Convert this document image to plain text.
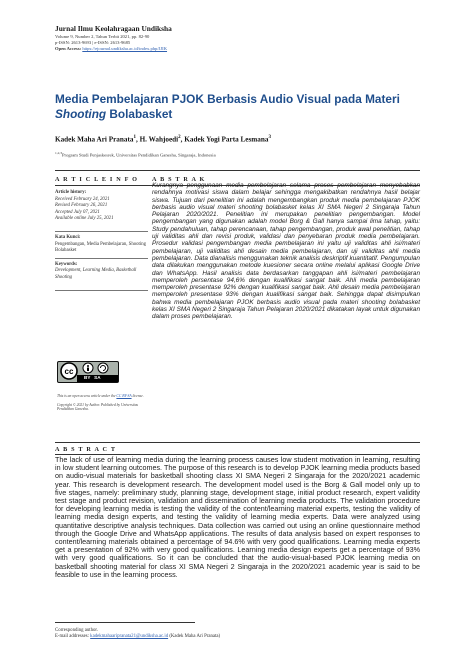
Jurnal Ilmu Keolahragaan Undiksha
Volume 9, Number 2, Tahun Terbit 2021, pp. 82-90
p-ISSN: 2613-9693 | e-ISSN: 2613-9685
Open Access: https://ejournal.undiksha.ac.id/index.php/JJIK
Media Pembelajaran PJOK Berbasis Audio Visual pada Materi
Shooting Bolabasket
Kadek Maha Ari Pranata$^1$, H. Wahjoedi$^2$, Kadek Yogi Parta Lesmana$^3$
$^{1,2,3}$Program Studi Penjaskesrek, Universitas Pendidikan Ganesha, Singaraja, Indonesia
A R T I C L E I N F O A B S T R A K
Article history:
Received February 24, 2021
Revised February 26, 2021
Accepted July 07, 2021
Available online July 25, 2021
Kata Kunci:
Pengembangan, Media Pembelajaran, Shooting Bolabasket
Keywords:
Development, Learning Media, Basketball Shooting
cc
BY   SA
This is an open access article under the CC BY-SA license.
Copyright © 2021 by Author. Published by Universitas Pendidikan Ganesha.
Kurangnya penggunaan media pembelajaran selama proses pembelajaran menyebabkan rendahnya motivasi siswa dalam belajar sehingga mengakibatkan rendahnya hasil belajar siswa. Tujuan dari penelitian ini adalah mengembangkan produk media pembelajaran PJOK berbasis audio visual materi shooting bolabasket kelas XI SMA Negeri 2 Singaraja Tahun Pelajaran 2020/2021. Penelitian ini merupakan penelitian pengembangan. Model pengembangan yang digunakan adalah model Borg & Gall hanya sampai lima tahap, yaitu: Study pendahuluan, tahap perencanaan, tahap pengembangan, produk awal penelitian, tahap uji validitas ahli dan revisi produk, validasi dan penyebaran produk media pembelajaran. Prosedur validasi pengembangan media pembelajaran ini yaitu uji validitas ahli isi/materi pembelajaran, uji validitas ahli desain media pembelajaran, dan uji validitas ahli media pembelajaran. Data dianalisis menggunakan teknik analisis deskriptif kuantitatif. Pengumpulan data dilakukan menggunakan metode kuesioner secara online melalui aplikasi Google Drive dan WhatsApp. Hasil analisis data berdasarkan tanggapan ahli isi/materi pembelajaran memperoleh persentase 94,6% dengan kualifikasi sangat baik. Ahli media pembelajaran memperoleh presentase 92% dengan kualifikasi sangat baik. Ahli desain media pembelajaran memperoleh presentase 93% dengan kualifikasi sangat baik. Sehingga dapat disimpulkan bahwa media pembelajaran PJOK berbasis audio visual pada materi shooting bolabasket kelas XI SMA Negeri 2 Singaraja Tahun Pelajaran 2020/2021 dikatakan layak untuk digunakan dalam proses pembelajaran.
A B S T R A C T
The lack of use of learning media during the learning process causes low student motivation in learning, resulting in low student learning outcomes. The purpose of this research is to develop PJOK learning media products based on audio-visual materials for basketball shooting class XI SMA Negeri 2 Singaraja for the 2020/2021 academic year. This research is development research. The development model used is the Borg & Gall model only up to five stages, namely: preliminary study, planning stage, development stage, initial product research, expert validity test stage and product revision, validation and dissemination of learning media products. The validation procedure for developing learning media is testing the validity of the content/learning material experts, testing the validity of learning media design experts, and testing the validity of learning media experts. Data were analyzed using quantitative descriptive analysis techniques. Data collection was carried out using an online questionnaire method through the Google Drive and WhatsApp applications. The results of data analysis based on expert responses to content/learning materials obtained a percentage of 94.6% with very good qualifications. Learning media experts get a presentation of 92% with very good qualifications. Learning media design experts get a percentage of 93% with very good qualifications. So it can be concluded that the audio-visual-based PJOK learning media on basketball shooting material for class XI SMA Negeri 2 Singaraja in the 2020/2021 academic year is said to be feasible to use in the learning process.
Corresponding author.
E-mail addresses: kadekmahaaripranata21@undiksha.ac.id (Kadek Maha Ari Pranata)
